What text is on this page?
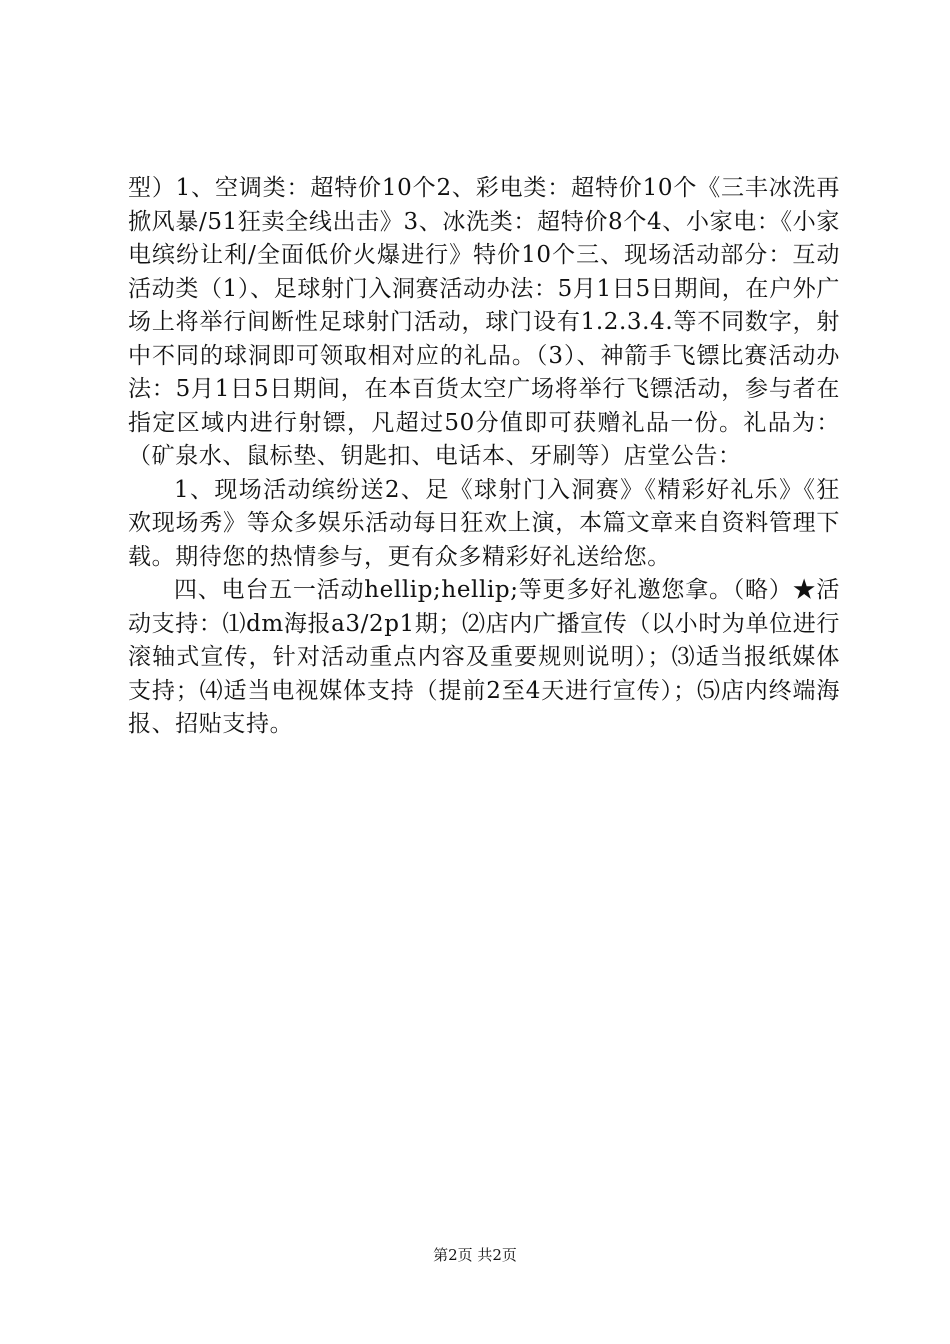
型）1、空调类：超特价10个2、彩电类：超特价10个《三丰冰洗再掀风暴/51狂卖全线出击》3、冰洗类：超特价8个4、小家电：《小家电缤纷让利/全面低价火爆进行》特价10个三、现场活动部分：互动活动类（1）、足球射门入洞赛活动办法：5月1日5日期间，在户外广场上将举行间断性足球射门活动，球门设有1.2.3.4.等不同数字，射中不同的球洞即可领取相对应的礼品。（3）、神箭手飞镖比赛活动办法：5月1日5日期间，在本百货太空广场将举行飞镖活动，参与者在指定区域内进行射镖，凡超过50分值即可获赠礼品一份。礼品为：（矿泉水、鼠标垫、钥匙扣、电话本、牙刷等）店堂公告：

1、现场活动缤纷送2、足《球射门入洞赛》《精彩好礼乐》《狂欢现场秀》等众多娱乐活动每日狂欢上演，本篇文章来自资料管理下载。期待您的热情参与，更有众多精彩好礼送给您。

四、电台五一活动hellip;hellip;等更多好礼邀您拿。（略）★活动支持：⑴dm海报a3/2p1期；⑵店内广播宣传（以小时为单位进行滚轴式宣传，针对活动重点内容及重要规则说明）；⑶适当报纸媒体支持；⑷适当电视媒体支持（提前2至4天进行宣传）；⑸店内终端海报、招贴支持。

第2页 共2页
